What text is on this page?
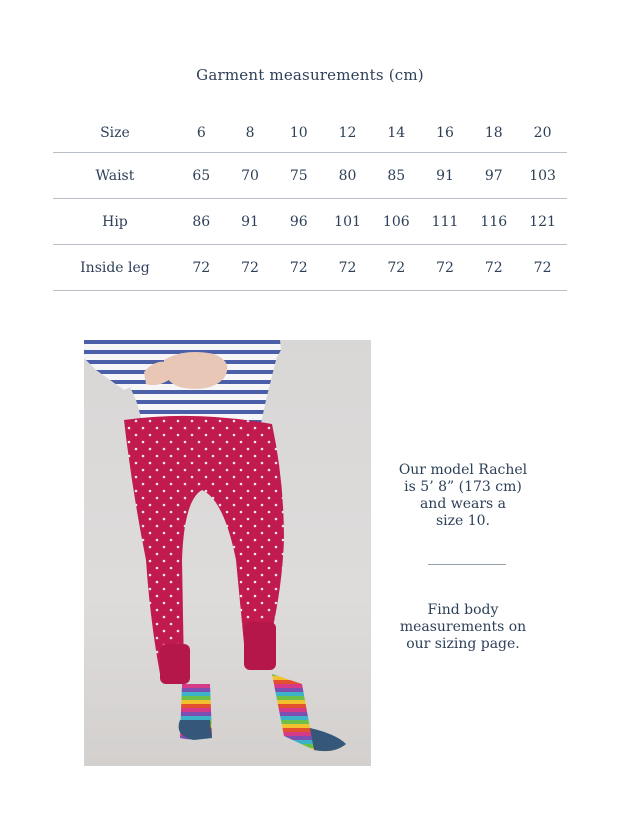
Garment measurements (cm)
Size	6	8	10	12	14	16	18	20
Waist	65	70	75	80	85	91	97	103
Hip	86	91	96	101	106	111	116	121
Inside leg	72	72	72	72	72	72	72	72
Our model Rachel
is 5’ 8” (173 cm)
and wears a
size 10.
Find body
measurements on
our sizing page.
